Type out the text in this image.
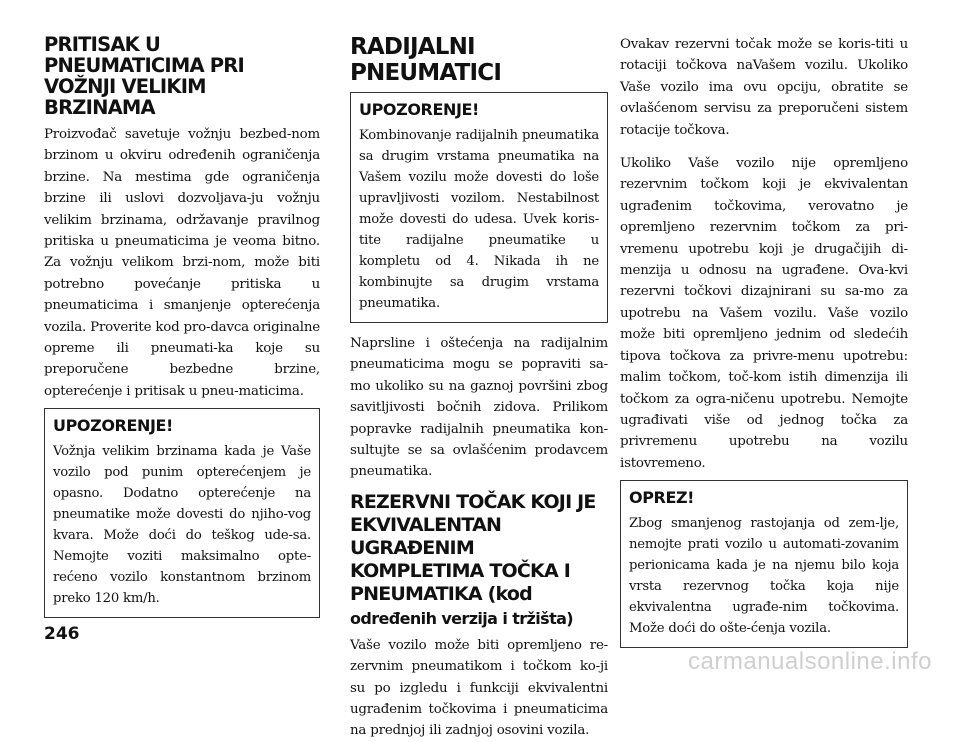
PRITISAK U PNEUMATICIMA PRI VOŽNJI VELIKIM BRZINAMA

Proizvođač savetuje vožnju bezbed-nom brzinom u okviru određenih ograničenja brzine. Na mestima gde ograničenja brzine ili uslovi dozvoljava-ju vožnju velikim brzinama, održavanje pravilnog pritiska u pneumaticima je veoma bitno. Za vožnju velikom brzi-nom, može biti potrebno povećanje pritiska u pneumaticima i smanjenje opterećenja vozila. Proverite kod pro-davca originalne opreme ili pneumati-ka koje su preporučene bezbedne brzine, opterećenje i pritisak u pneu-maticima.

UPOZORENJE!

Vožnja velikim brzinama kada je Vaše vozilo pod punim opterećenjem je opasno. Dodatno opterećenje na pneumatike može dovesti do njiho-vog kvara. Može doći do teškog ude-sa. Nemojte voziti maksimalno opte-rećeno vozilo konstantnom brzinom preko 120 km/h.

RADIJALNI PNEUMATICI
UPOZORENJE!

Kombinovanje radijalnih pneumatika sa drugim vrstama pneumatika na Vašem vozilu može dovesti do loše upravljivosti vozilom. Nestabilnost može dovesti do udesa. Uvek koris-tite radijalne pneumatike u kompletu od 4. Nikada ih ne kombinujte sa drugim vrstama pneumatika.

Naprsline i oštećenja na radijalnim pneumaticima mogu se popraviti sa-mo ukoliko su na gaznoj površini zbog savitljivosti bočnih zidova. Prilikom popravke radijalnih pneumatika kon-sultujte se sa ovlašćenim prodavcem pneumatika.

REZERVNI TOČAK KOJI JE EKVIVALENTAN UGRAĐENIM KOMPLETIMA TOČKA I PNEUMATIKA (kod
određenih verzija i tržišta)

Vaše vozilo može biti opremljeno re-zervnim pneumatikom i točkom ko-ji su po izgledu i funkciji ekvivalentni ugrađenim točkovima i pneumaticima na prednjoj ili zadnjoj osovini vozila.

Ovakav rezervni točak može se koris-titi u rotaciji točkova naVašem vozilu. Ukoliko Vaše vozilo ima ovu opciju, obratite se ovlašćenom servisu za preporučeni sistem rotacije točkova.

Ukoliko Vaše vozilo nije opremljeno rezervnim točkom koji je ekvivalentan ugrađenim točkovima, verovatno je opremljeno rezervnim točkom za pri-vremenu upotrebu koji je drugačijih di-menzija u odnosu na ugrađene. Ova-kvi rezervni točkovi dizajnirani su sa-mo za upotrebu na Vašem vozilu. Vaše vozilo može biti opremljeno jednim od sledećih tipova točkova za privre-menu upotrebu: malim točkom, toč-kom istih dimenzija ili točkom za ogra-ničenu upotrebu. Nemojte ugrađivati više od jednog točka za privremenu upotrebu na vozilu istovremeno.

OPREZ!

Zbog smanjenog rastojanja od zem-lje, nemojte prati vozilo u automati-zovanim perionicama kada je na njemu bilo koja vrsta rezervnog točka koja nije ekvivalentna ugrađe-nim točkovima. Može doći do ošte-ćenja vozila.

246
carmanualsonline.info
